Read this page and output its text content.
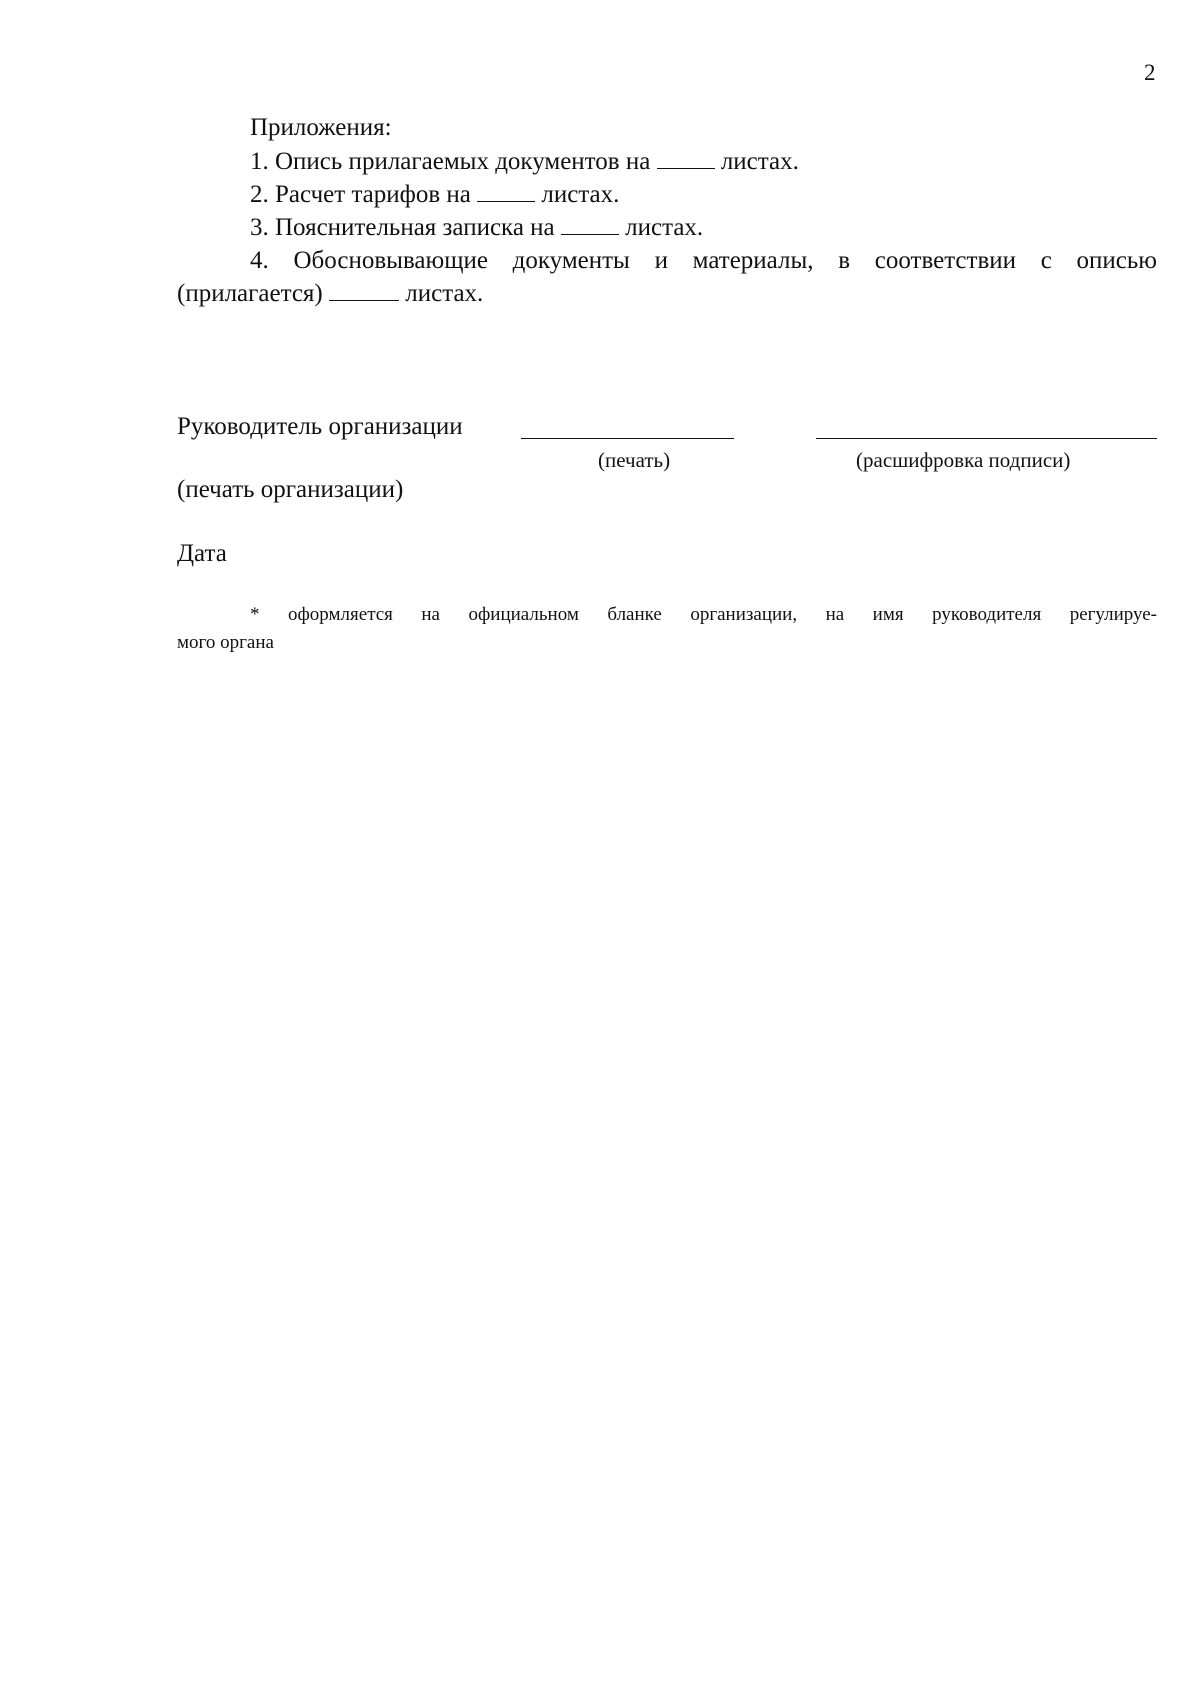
2
Приложения:
1. Опись прилагаемых документов на	листах.
2. Расчет тарифов на	листах.
3. Пояснительная записка на	листах.
4. Обосновывающие документы и материалы, в соответствии с описью
(прилагается)	листах.
Руководитель организации
(печать)	(расшифровка подписи)
(печать организации)
Дата
* оформляется на официальном бланке организации, на имя руководителя регулируе-
мого органа
